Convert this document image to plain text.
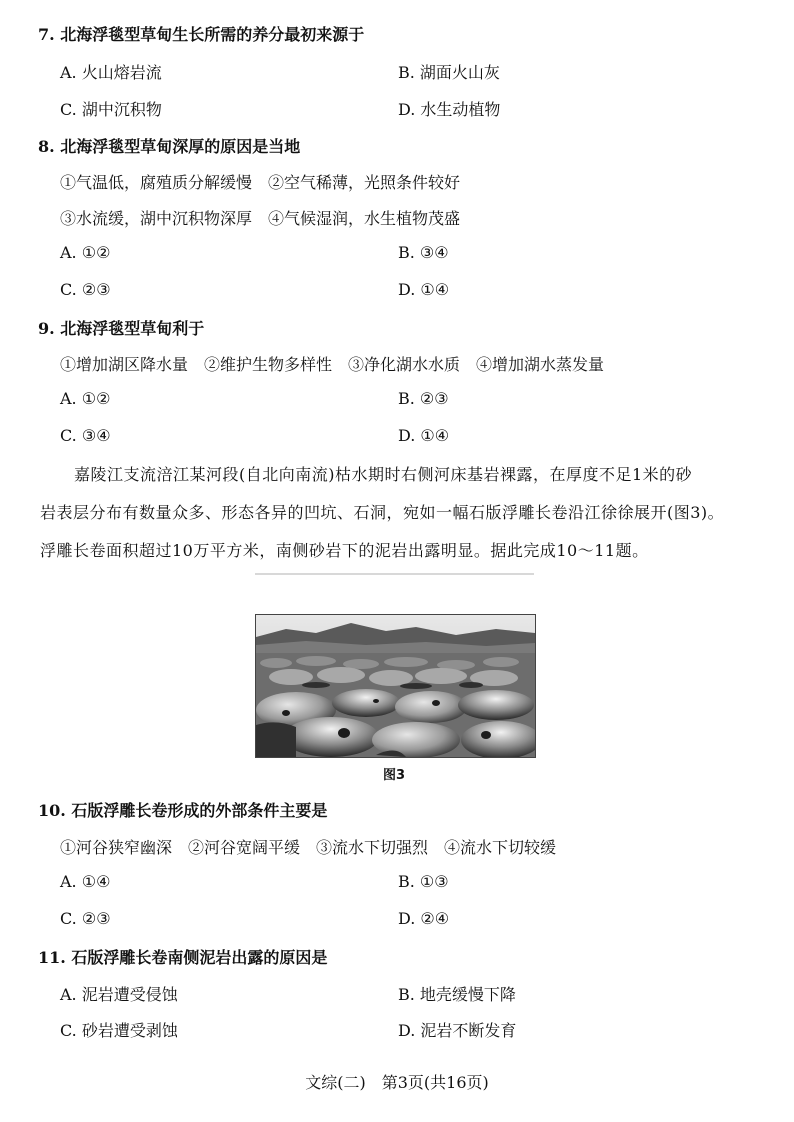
7. 北海浮毯型草甸生长所需的养分最初来源于
A. 火山熔岩流	B. 湖面火山灰
C. 湖中沉积物	D. 水生动植物
8. 北海浮毯型草甸深厚的原因是当地
①气温低，腐殖质分解缓慢　②空气稀薄，光照条件较好
③水流缓，湖中沉积物深厚　④气候湿润，水生植物茂盛
A. ①②	B. ③④
C. ②③	D. ①④
9. 北海浮毯型草甸利于
①增加湖区降水量　②维护生物多样性　③净化湖水水质　④增加湖水蒸发量
A. ①②	B. ②③
C. ③④	D. ①④
嘉陵江支流涪江某河段(自北向南流)枯水期时右侧河床基岩裸露，在厚度不足1米的砂
岩表层分布有数量众多、形态各异的凹坑、石洞，宛如一幅石版浮雕长卷沿江徐徐展开(图3)。
浮雕长卷面积超过10万平方米，南侧砂岩下的泥岩出露明显。据此完成10～11题。
图3
10. 石版浮雕长卷形成的外部条件主要是
①河谷狭窄幽深　②河谷宽阔平缓　③流水下切强烈　④流水下切较缓
A. ①④	B. ①③
C. ②③	D. ②④
11. 石版浮雕长卷南侧泥岩出露的原因是
A. 泥岩遭受侵蚀	B. 地壳缓慢下降
C. 砂岩遭受剥蚀	D. 泥岩不断发育
文综(二)　第3页(共16页)
